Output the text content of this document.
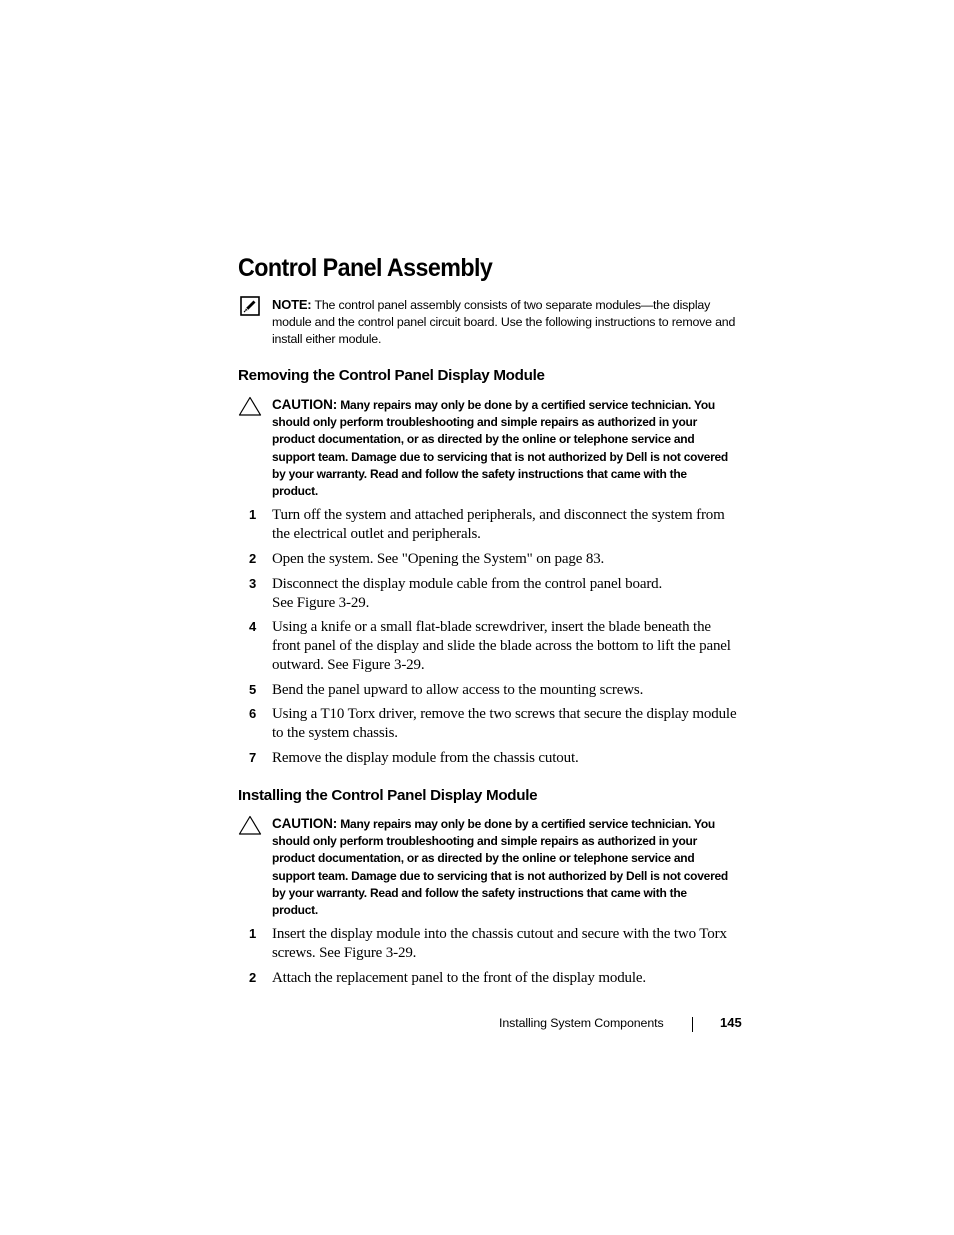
Control Panel Assembly
NOTE: The control panel assembly consists of two separate modules—the display module and the control panel circuit board. Use the following instructions to remove and install either module.
Removing the Control Panel Display Module
CAUTION: Many repairs may only be done by a certified service technician. You should only perform troubleshooting and simple repairs as authorized in your product documentation, or as directed by the online or telephone service and support team. Damage due to servicing that is not authorized by Dell is not covered by your warranty. Read and follow the safety instructions that came with the product.
1 Turn off the system and attached peripherals, and disconnect the system from the electrical outlet and peripherals.
2 Open the system. See "Opening the System" on page 83.
3 Disconnect the display module cable from the control panel board.
See Figure 3-29.
4 Using a knife or a small flat-blade screwdriver, insert the blade beneath the front panel of the display and slide the blade across the bottom to lift the panel outward. See Figure 3-29.
5 Bend the panel upward to allow access to the mounting screws.
6 Using a T10 Torx driver, remove the two screws that secure the display module to the system chassis.
7 Remove the display module from the chassis cutout.
Installing the Control Panel Display Module
CAUTION: Many repairs may only be done by a certified service technician. You should only perform troubleshooting and simple repairs as authorized in your product documentation, or as directed by the online or telephone service and support team. Damage due to servicing that is not authorized by Dell is not covered by your warranty. Read and follow the safety instructions that came with the product.
1 Insert the display module into the chassis cutout and secure with the two Torx screws. See Figure 3-29.
2 Attach the replacement panel to the front of the display module.
Installing System Components	145
